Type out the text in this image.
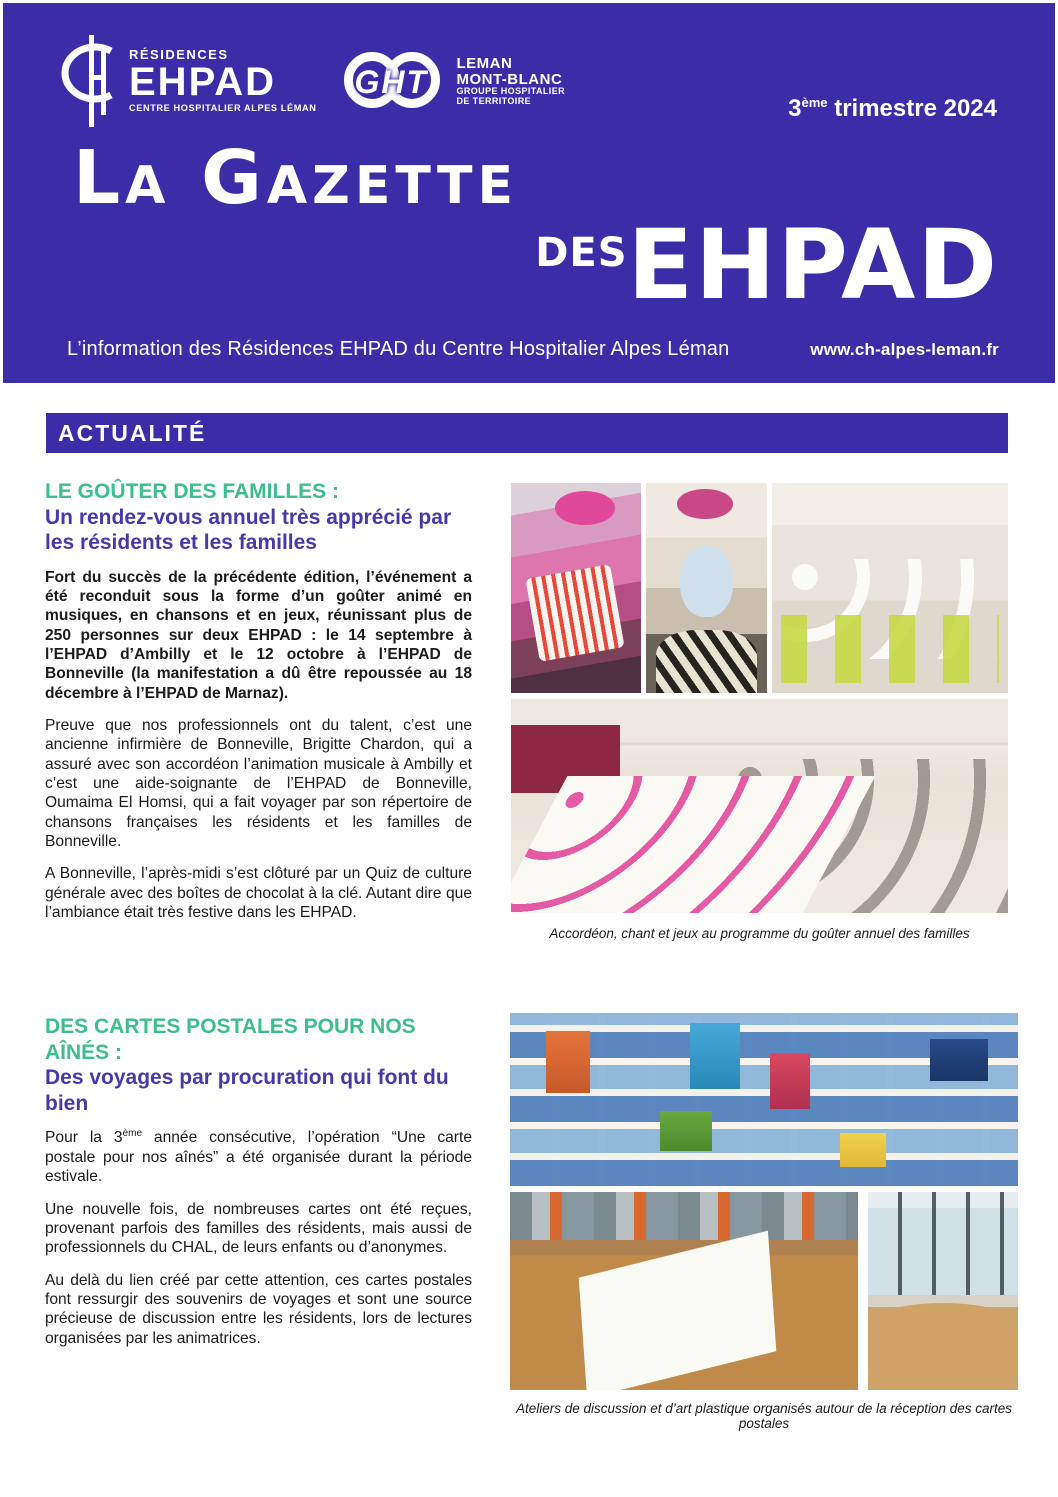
RÉSIDENCES
EHPAD
CENTRE HOSPITALIER ALPES LÉMAN
GHT
LEMAN
MONT-BLANC
GROUPE HOSPITALIER
DE TERRITOIRE	3ème trimestre 2024
La Gazette
DES EHPAD
L’information des Résidences EHPAD du Centre Hospitalier Alpes Léman	www.ch-alpes-leman.fr
ACTUALITÉ
LE GOÛTER DES FAMILLES :
Un rendez-vous annuel très apprécié par les résidents et les familles

Fort du succès de la précédente édition, l’événement a été reconduit sous la forme d’un goûter animé en musiques, en chansons et en jeux, réunissant plus de 250 personnes sur deux EHPAD : le 14 septembre à l’EHPAD d’Ambilly et le 12 octobre à l’EHPAD de Bonneville (la manifestation a dû être repoussée au 18 décembre à l’EHPAD de Marnaz).

Preuve que nos professionnels ont du talent, c’est une ancienne infirmière de Bonneville, Brigitte Chardon, qui a assuré avec son accordéon l’animation musicale à Ambilly et c’est une aide-soignante de l’EHPAD de Bonneville, Oumaima El Homsi, qui a fait voyager par son répertoire de chansons françaises les résidents et les familles de Bonneville.

A Bonneville, l’après-midi s’est clôturé par un Quiz de culture générale avec des boîtes de chocolat à la clé. Autant dire que l’ambiance était très festive dans les EHPAD.

DES CARTES POSTALES POUR NOS AÎNÉS :
Des voyages par procuration qui font du bien

Pour la 3ème année consécutive, l’opération “Une carte postale pour nos aînés” a été organisée durant la période estivale.

Une nouvelle fois, de nombreuses cartes ont été reçues, provenant parfois des familles des résidents, mais aussi de professionnels du CHAL, de leurs enfants ou d’anonymes.

Au delà du lien créé par cette attention, ces cartes postales font ressurgir des souvenirs de voyages et sont une source précieuse de discussion entre les résidents, lors de lectures organisées par les animatrices.

Accordéon, chant et jeux au programme du goûter annuel des familles
Ateliers de discussion et d’art plastique organisés autour de la réception des cartes postales
